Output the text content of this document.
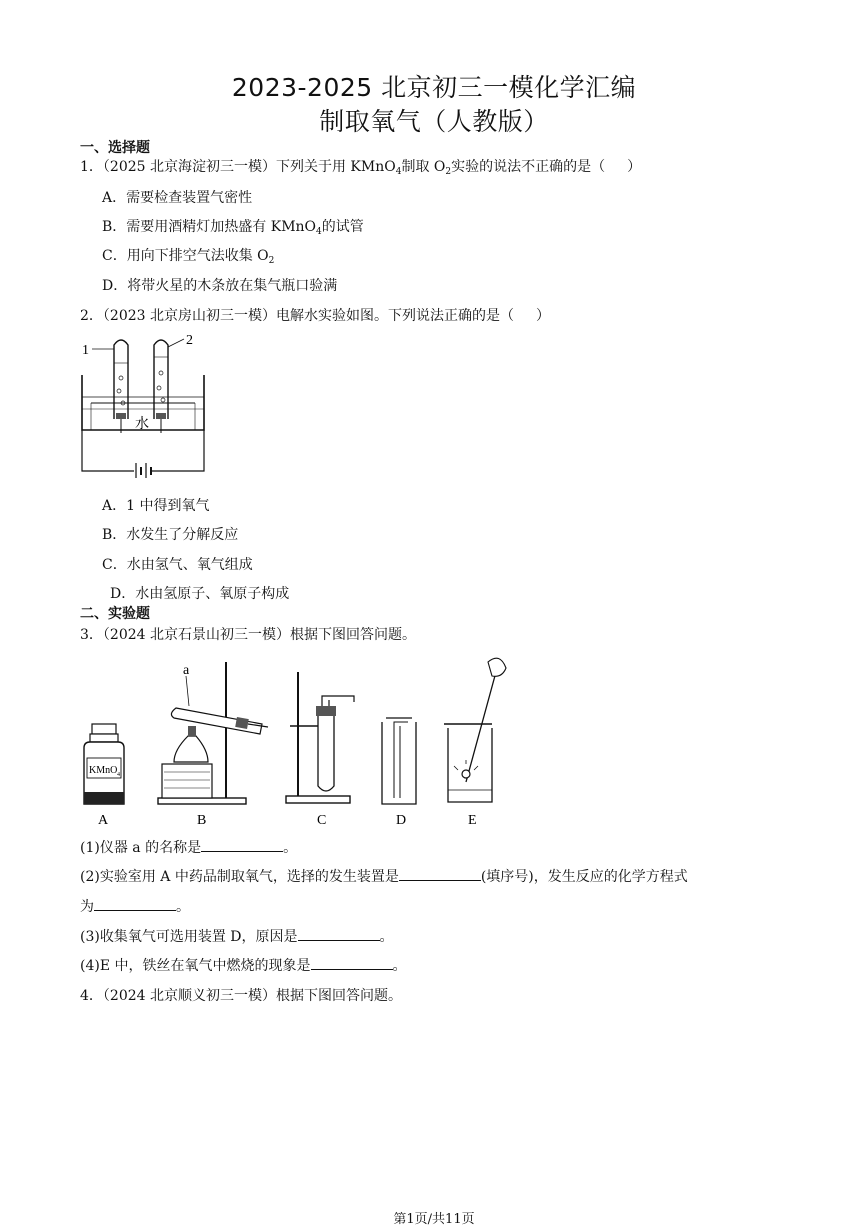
2023-2025 北京初三一模化学汇编
制取氧气（人教版）
一、选择题
1．（2025 北京海淀初三一模）下列关于用 KMnO$_4$制取 $O_2$实验的说法不正确的是（ ）
A．需要检查装置气密性
B．需要用酒精灯加热盛有 KMnO$_4$的试管
C．用向下排空气法收集 $O_2$
D．将带火星的木条放在集气瓶口验满
2．（2023 北京房山初三一模）电解水实验如图。下列说法正确的是（ ）
1
2
水
A．1 中得到氧气
B．水发生了分解反应
C．水由氢气、氧气组成
D．水由氢原子、氧原子构成
二、实验题
3．（2024 北京石景山初三一模）根据下图回答问题。
KMnO 4
a
A	B	C	D	E
(1)仪器 a 的名称是	。
(2)实验室用 A 中药品制取氧气，选择的发生装置是	(填序号)，发生反应的化学方程式
为	。
(3)收集氧气可选用装置 D，原因是	。
(4)E 中，铁丝在氧气中燃烧的现象是	。
4．（2024 北京顺义初三一模）根据下图回答问题。
第1页/共11页
